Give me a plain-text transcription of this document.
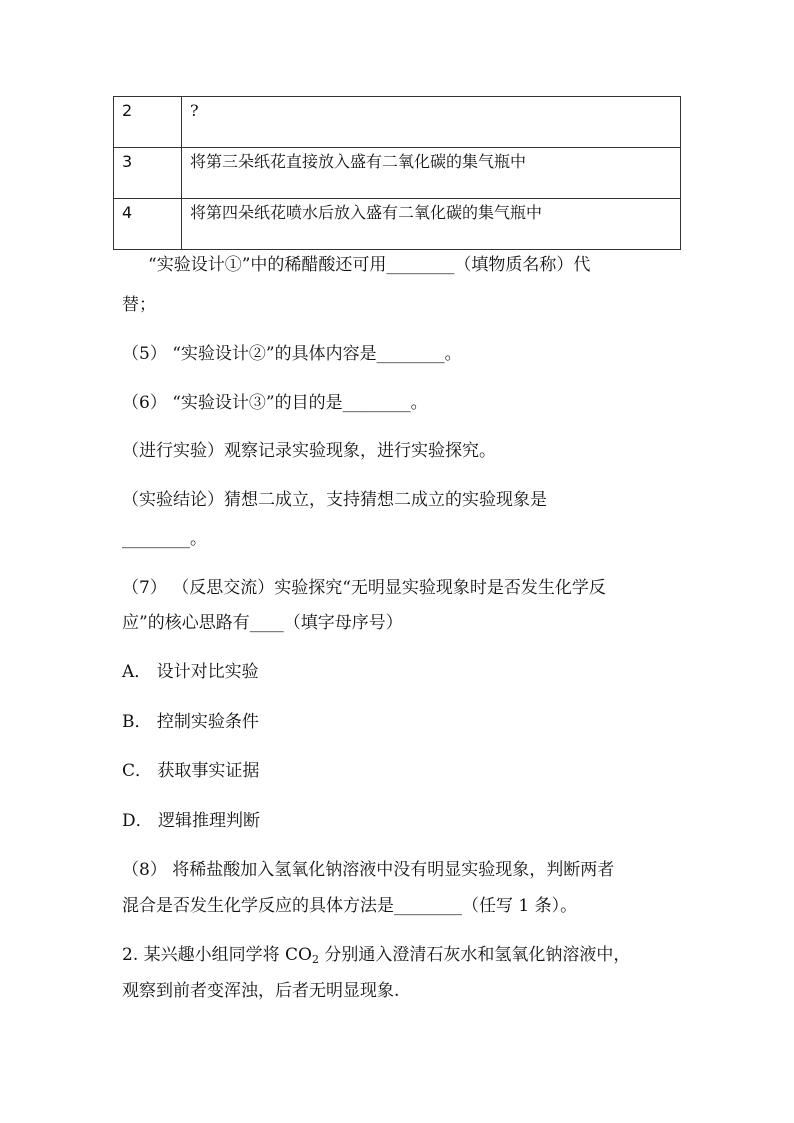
2	?
3	将第三朵纸花直接放入盛有二氧化碳的集气瓶中
4	将第四朵纸花喷水后放入盛有二氧化碳的集气瓶中
“实验设计①”中的稀醋酸还可用________（填物质名称）代
替；
（5） “实验设计②”的具体内容是________。
（6） “实验设计③”的目的是________。
（进行实验）观察记录实验现象，进行实验探究。
（实验结论）猜想二成立，支持猜想二成立的实验现象是
________。
（7） （反思交流）实验探究“无明显实验现象时是否发生化学反
应”的核心思路有____（填字母序号）
A． 设计对比实验
B． 控制实验条件
C． 获取事实证据
D． 逻辑推理判断
（8） 将稀盐酸加入氢氧化钠溶液中没有明显实验现象，判断两者
混合是否发生化学反应的具体方法是________（任写 1 条）。
2. 某兴趣小组同学将 $CO_2$ 分别通入澄清石灰水和氢氧化钠溶液中，
观察到前者变浑浊，后者无明显现象.
